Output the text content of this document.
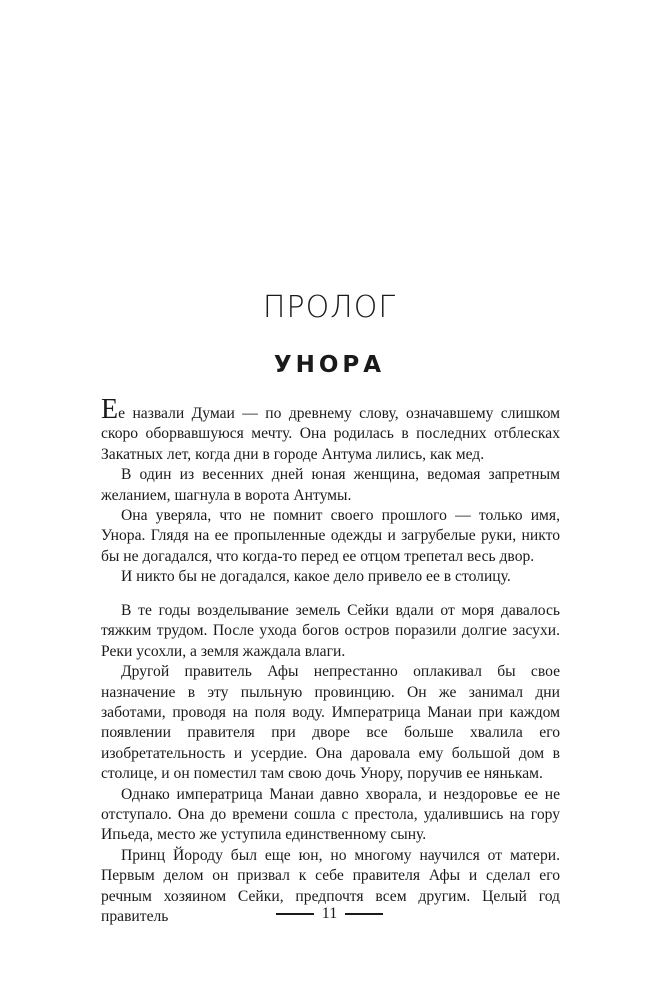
ПРОЛОГ
УНОРА

Ее назвали Думаи — по древнему слову, означавшему слишком скоро оборвавшуюся мечту. Она родилась в последних отблесках Закатных лет, когда дни в городе Антума лились, как мед.

В один из весенних дней юная женщина, ведомая запретным желанием, шагнула в ворота Антумы.

Она уверяла, что не помнит своего прошлого — только имя, Унора. Глядя на ее пропыленные одежды и загрубелые руки, никто бы не догадался, что когда-то перед ее отцом трепетал весь двор.

И никто бы не догадался, какое дело привело ее в столицу.

В те годы возделывание земель Сейки вдали от моря давалось тяжким трудом. После ухода богов остров поразили долгие засухи. Реки усохли, а земля жаждала влаги.

Другой правитель Афы непрестанно оплакивал бы свое назначение в эту пыльную провинцию. Он же занимал дни заботами, проводя на поля воду. Императрица Манаи при каждом появлении правителя при дворе все больше хвалила его изобретательность и усердие. Она даровала ему большой дом в столице, и он поместил там свою дочь Унору, поручив ее нянькам.

Однако императрица Манаи давно хворала, и нездоровье ее не отступало. Она до времени сошла с престола, удалившись на гору Ипьеда, место же уступила единственному сыну.

Принц Йороду был еще юн, но многому научился от матери. Первым делом он призвал к себе правителя Афы и сделал его речным хозяином Сейки, предпочтя всем другим. Целый год правитель	11
